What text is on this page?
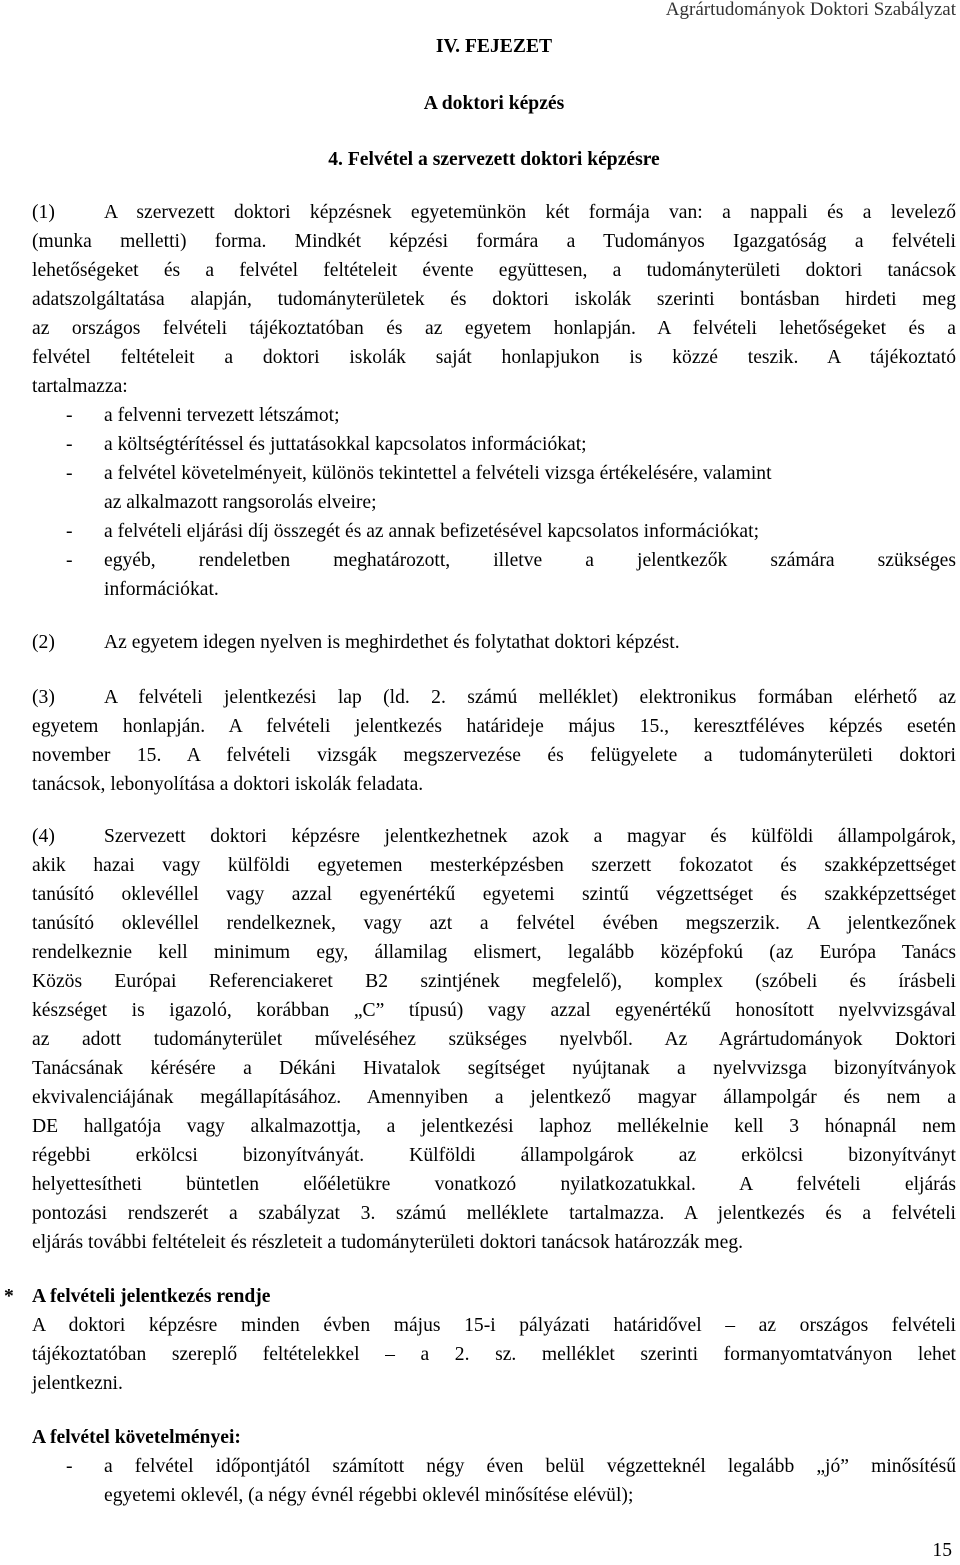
Agrártudományok Doktori Szabályzat
IV. FEJEZET
A doktori képzés
4. Felvétel a szervezett doktori képzésre
(1)	A szervezett doktori képzésnek egyetemünkön két formája van: a nappali és a levelező
(munka melletti) forma. Mindkét képzési formára a Tudományos Igazgatóság a felvételi
lehetőségeket és a felvétel feltételeit évente együttesen, a tudományterületi doktori tanácsok
adatszolgáltatása alapján, tudományterületek és doktori iskolák szerinti bontásban hirdeti meg
az országos felvételi tájékoztatóban és az egyetem honlapján. A felvételi lehetőségeket és a
felvétel feltételeit a doktori iskolák saját honlapjukon is közzé teszik. A tájékoztató
tartalmazza:
- a felvenni tervezett létszámot;
- a költségtérítéssel és juttatásokkal kapcsolatos információkat;
- a felvétel követelményeit, különös tekintettel a felvételi vizsga értékelésére, valamint
az alkalmazott rangsorolás elveire;
- a felvételi eljárási díj összegét és az annak befizetésével kapcsolatos információkat;
- egyéb, rendeletben meghatározott, illetve a jelentkezők számára szükséges
információkat.
(2)	Az egyetem idegen nyelven is meghirdethet és folytathat doktori képzést.
(3)	A felvételi jelentkezési lap (ld. 2. számú melléklet) elektronikus formában elérhető az
egyetem honlapján. A felvételi jelentkezés határideje május 15., keresztféléves képzés esetén
november 15. A felvételi vizsgák megszervezése és felügyelete a tudományterületi doktori
tanácsok, lebonyolítása a doktori iskolák feladata.
(4)	Szervezett doktori képzésre jelentkezhetnek azok a magyar és külföldi állampolgárok,
akik hazai vagy külföldi egyetemen mesterképzésben szerzett fokozatot és szakképzettséget
tanúsító oklevéllel vagy azzal egyenértékű egyetemi szintű végzettséget és szakképzettséget
tanúsító oklevéllel rendelkeznek, vagy azt a felvétel évében megszerzik. A jelentkezőnek
rendelkeznie kell minimum egy, államilag elismert, legalább középfokú (az Európa Tanács
Közös Európai Referenciakeret B2 szintjének megfelelő), komplex (szóbeli és írásbeli
készséget is igazoló, korábban „C” típusú) vagy azzal egyenértékű honosított nyelvvizsgával
az adott tudományterület műveléséhez szükséges nyelvből. Az Agrártudományok Doktori
Tanácsának kérésére a Dékáni Hivatalok segítséget nyújtanak a nyelvvizsga bizonyítványok
ekvivalenciájának megállapításához. Amennyiben a jelentkező magyar állampolgár és nem a
DE hallgatója vagy alkalmazottja, a jelentkezési laphoz mellékelnie kell 3 hónapnál nem
régebbi erkölcsi bizonyítványát. Külföldi állampolgárok az erkölcsi bizonyítványt
helyettesítheti büntetlen előéletükre vonatkozó nyilatkozatukkal. A felvételi eljárás
pontozási rendszerét a szabályzat 3. számú melléklete tartalmazza. A jelentkezés és a felvételi
eljárás további feltételeit és részleteit a tudományterületi doktori tanácsok határozzák meg.
* A felvételi jelentkezés rendje
A doktori képzésre minden évben május 15-i pályázati határidővel – az országos felvételi
tájékoztatóban szereplő feltételekkel – a 2. sz. melléklet szerinti formanyomtatványon lehet
jelentkezni.
A felvétel követelményei:
- a felvétel időpontjától számított négy éven belül végzetteknél legalább „jó” minősítésű
egyetemi oklevél, (a négy évnél régebbi oklevél minősítése elévül);
15
